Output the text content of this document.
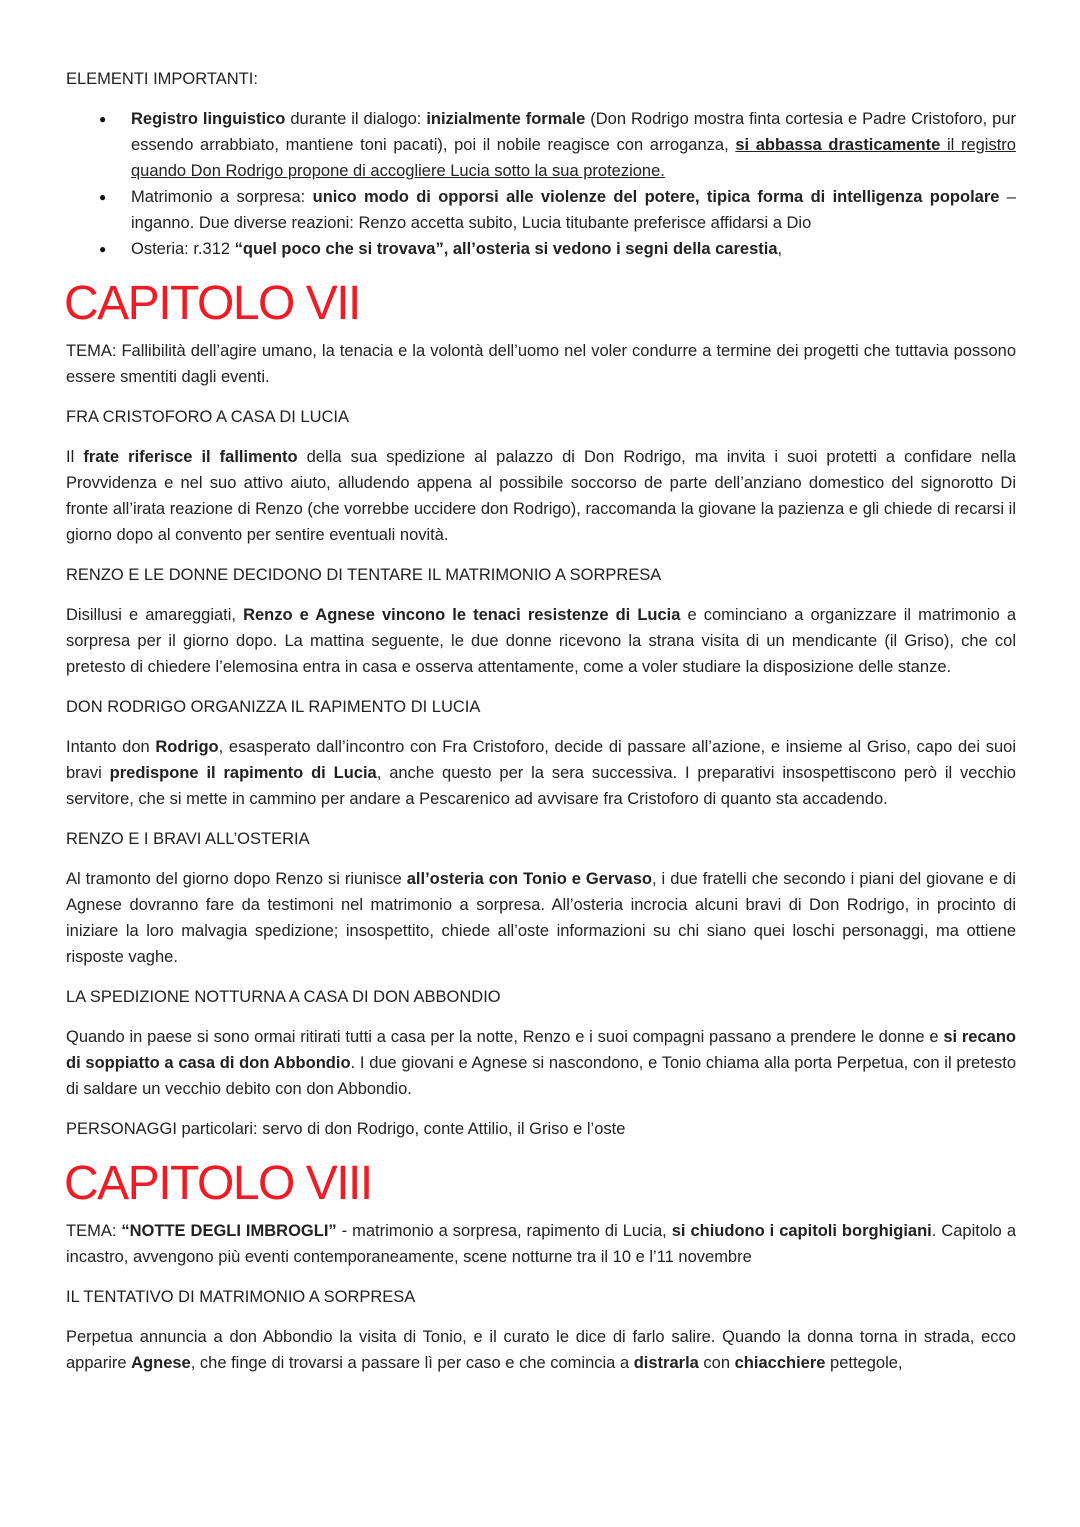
ELEMENTI IMPORTANTI:
● Registro linguistico durante il dialogo: inizialmente formale (Don Rodrigo mostra finta cortesia e Padre Cristoforo, pur essendo arrabbiato, mantiene toni pacati), poi il nobile reagisce con arroganza, si abbassa drasticamente il registro quando Don Rodrigo propone di accogliere Lucia sotto la sua protezione.
● Matrimonio a sorpresa: unico modo di opporsi alle violenze del potere, tipica forma di intelligenza popolare – inganno. Due diverse reazioni: Renzo accetta subito, Lucia titubante preferisce affidarsi a Dio
● Osteria: r.312 “quel poco che si trovava”, all’osteria si vedono i segni della carestia,
CAPITOLO VII

TEMA: Fallibilità dell’agire umano, la tenacia e la volontà dell’uomo nel voler condurre a termine dei progetti che tuttavia possono essere smentiti dagli eventi.

FRA CRISTOFORO A CASA DI LUCIA

Il frate riferisce il fallimento della sua spedizione al palazzo di Don Rodrigo, ma invita i suoi protetti a confidare nella Provvidenza e nel suo attivo aiuto, alludendo appena al possibile soccorso de parte dell’anziano domestico del signorotto Di fronte all’irata reazione di Renzo (che vorrebbe uccidere don Rodrigo), raccomanda la giovane la pazienza e gli chiede di recarsi il giorno dopo al convento per sentire eventuali novità.

RENZO E LE DONNE DECIDONO DI TENTARE IL MATRIMONIO A SORPRESA

Disillusi e amareggiati, Renzo e Agnese vincono le tenaci resistenze di Lucia e cominciano a organizzare il matrimonio a sorpresa per il giorno dopo. La mattina seguente, le due donne ricevono la strana visita di un mendicante (il Griso), che col pretesto di chiedere l’elemosina entra in casa e osserva attentamente, come a voler studiare la disposizione delle stanze.

DON RODRIGO ORGANIZZA IL RAPIMENTO DI LUCIA

Intanto don Rodrigo, esasperato dall’incontro con Fra Cristoforo, decide di passare all’azione, e insieme al Griso, capo dei suoi bravi predispone il rapimento di Lucia, anche questo per la sera successiva. I preparativi insospettiscono però il vecchio servitore, che si mette in cammino per andare a Pescarenico ad avvisare fra Cristoforo di quanto sta accadendo.

RENZO E I BRAVI ALL’OSTERIA

Al tramonto del giorno dopo Renzo si riunisce all’osteria con Tonio e Gervaso, i due fratelli che secondo i piani del giovane e di Agnese dovranno fare da testimoni nel matrimonio a sorpresa. All’osteria incrocia alcuni bravi di Don Rodrigo, in procinto di iniziare la loro malvagia spedizione; insospettito, chiede all’oste informazioni su chi siano quei loschi personaggi, ma ottiene risposte vaghe.

LA SPEDIZIONE NOTTURNA A CASA DI DON ABBONDIO

Quando in paese si sono ormai ritirati tutti a casa per la notte, Renzo e i suoi compagni passano a prendere le donne e si recano di soppiatto a casa di don Abbondio. I due giovani e Agnese si nascondono, e Tonio chiama alla porta Perpetua, con il pretesto di saldare un vecchio debito con don Abbondio.

PERSONAGGI particolari: servo di don Rodrigo, conte Attilio, il Griso e l’oste

CAPITOLO VIII

TEMA: “NOTTE DEGLI IMBROGLI” - matrimonio a sorpresa, rapimento di Lucia, si chiudono i capitoli borghigiani. Capitolo a incastro, avvengono più eventi contemporaneamente, scene notturne tra il 10 e l’11 novembre

IL TENTATIVO DI MATRIMONIO A SORPRESA

Perpetua annuncia a don Abbondio la visita di Tonio, e il curato le dice di farlo salire. Quando la donna torna in strada, ecco apparire Agnese, che finge di trovarsi a passare lì per caso e che comincia a distrarla con chiacchiere pettegole,
